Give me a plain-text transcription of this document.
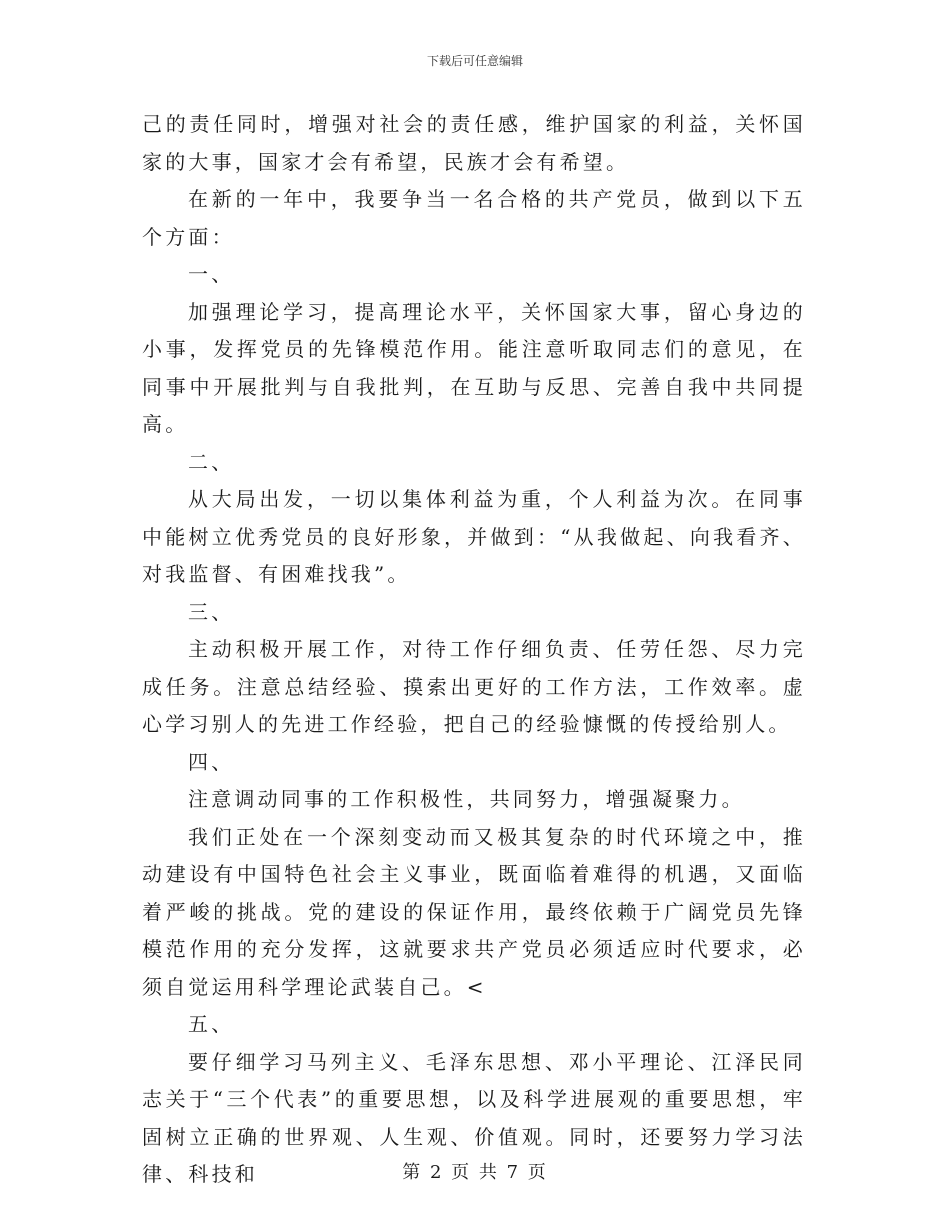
下载后可任意编辑

己的责任同时，增强对社会的责任感，维护国家的利益，关怀国家的大事，国家才会有希望，民族才会有希望。

在新的一年中，我要争当一名合格的共产党员，做到以下五个方面：

一、

加强理论学习，提高理论水平，关怀国家大事，留心身边的小事，发挥党员的先锋模范作用。能注意听取同志们的意见，在同事中开展批判与自我批判，在互助与反思、完善自我中共同提高。

二、

从大局出发，一切以集体利益为重，个人利益为次。在同事中能树立优秀党员的良好形象，并做到：“从我做起、向我看齐、对我监督、有困难找我”。

三、

主动积极开展工作，对待工作仔细负责、任劳任怨、尽力完成任务。注意总结经验、摸索出更好的工作方法，工作效率。虚心学习别人的先进工作经验，把自己的经验慷慨的传授给别人。

四、

注意调动同事的工作积极性，共同努力，增强凝聚力。

我们正处在一个深刻变动而又极其复杂的时代环境之中，推动建设有中国特色社会主义事业，既面临着难得的机遇，又面临着严峻的挑战。党的建设的保证作用，最终依赖于广阔党员先锋模范作用的充分发挥，这就要求共产党员必须适应时代要求，必须自觉运用科学理论武装自己。<

五、

要仔细学习马列主义、毛泽东思想、邓小平理论、江泽民同志关于“三个代表”的重要思想，以及科学进展观的重要思想，牢固树立正确的世界观、人生观、价值观。同时，还要努力学习法律、科技和	第 2 页 共 7 页
